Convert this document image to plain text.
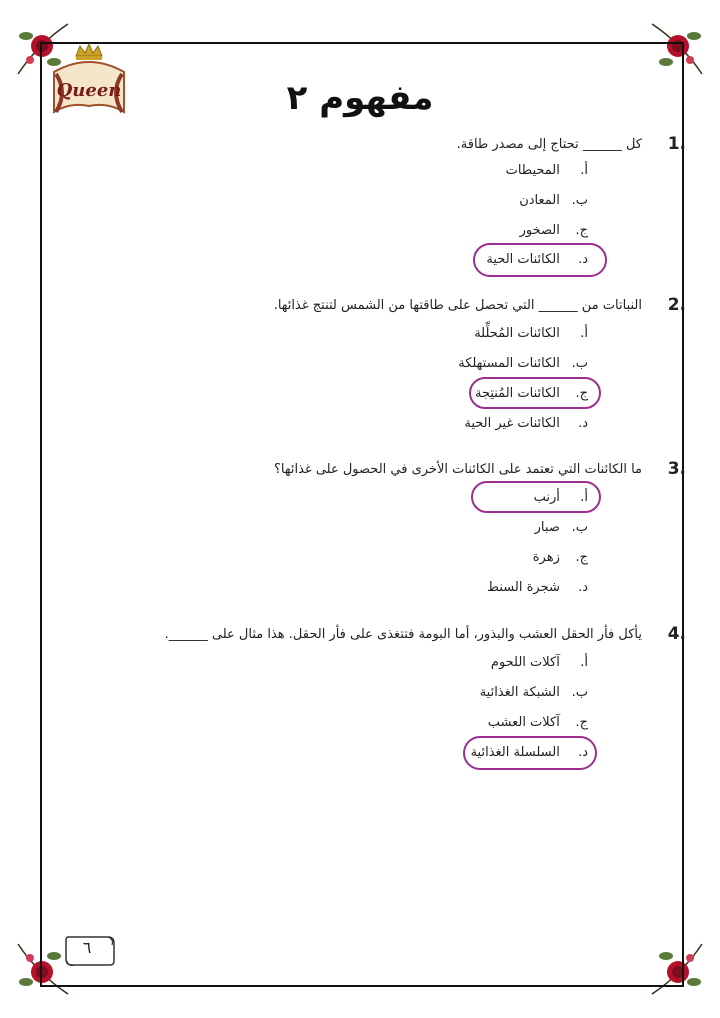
Queen	مفهوم ٢
1.
كل ______ تحتاج إلى مصدر طاقة.
أ. المحيطات
ب. المعادن
ج. الصخور
د. الكائنات الحية
2.
النباتات من ______ التي تحصل على طاقتها من الشمس لتنتج غذائها.
أ. الكائنات المُحلِّلة
ب. الكائنات المستهلكة
ج. الكائنات المُنتِجة
د. الكائنات غير الحية
3.
ما الكائنات التي تعتمد على الكائنات الأخرى في الحصول على غذائها؟
أ. أرنب
ب. صبار
ج. زهرة
د. شجرة السنط
4.
يأكل فأر الحقل العشب والبذور، أما البومة فتتغذى على فأر الحقل. هذا مثال على ______.
أ. آكلات اللحوم
ب. الشبكة الغذائية
ج. آكلات العشب
د. السلسلة الغذائية
٦
